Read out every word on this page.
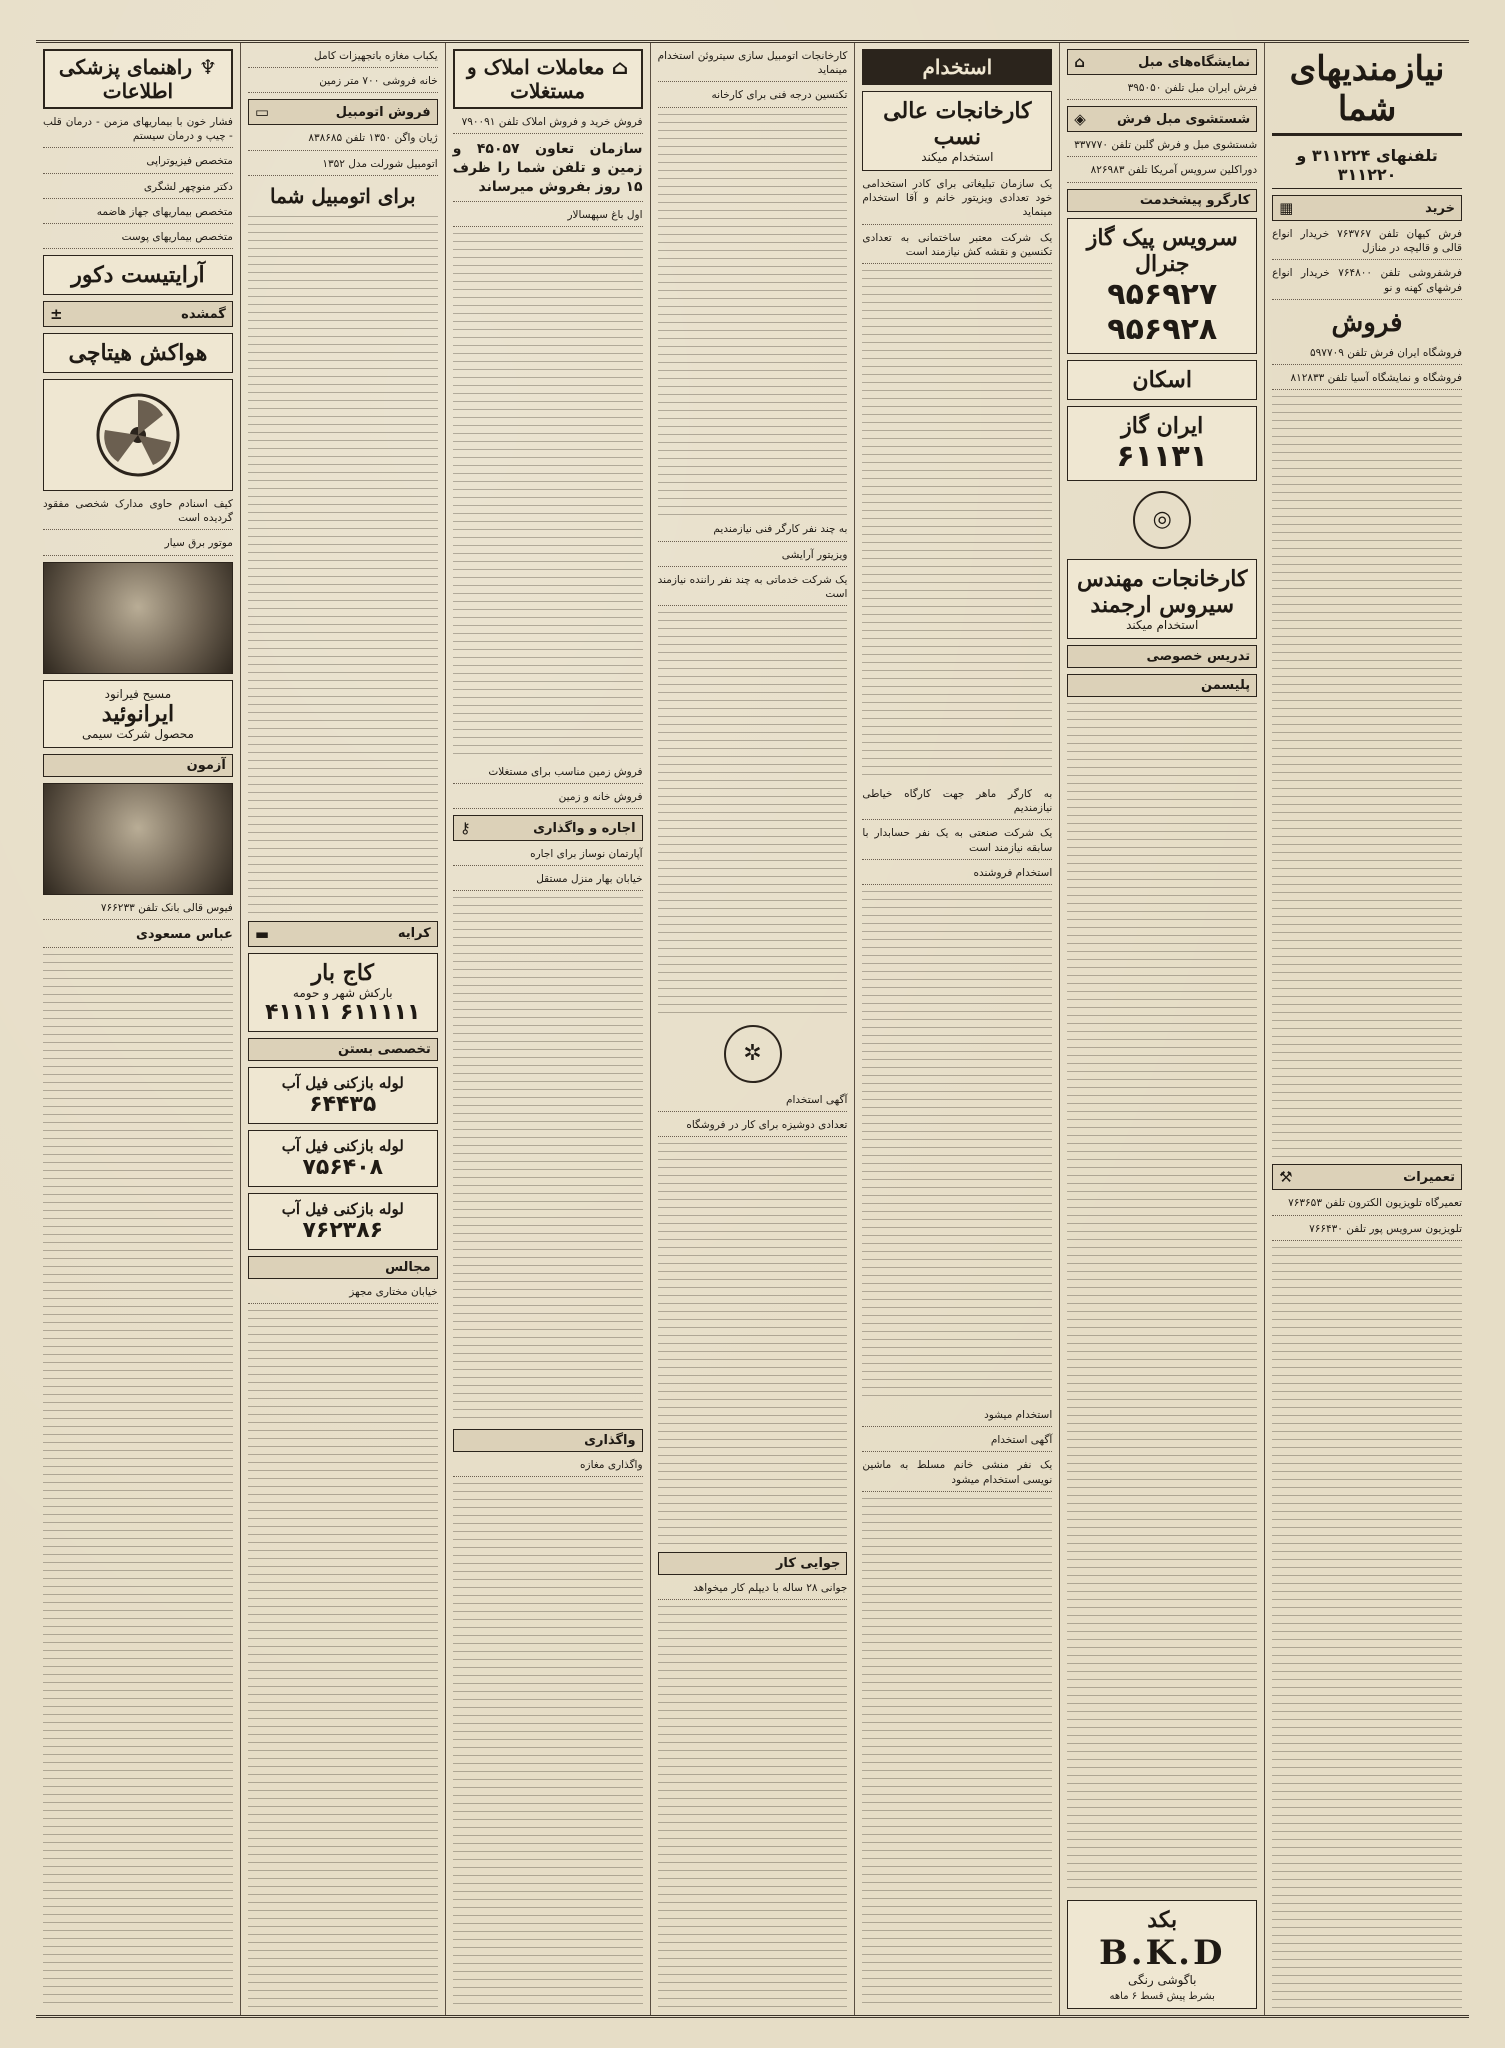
نیازمندیهای شما
تلفنهای ۳۱۱۲۲۴ و ۳۱۱۲۲۰
خرید
▦
فرش کیهان تلفن ۷۶۳۷۶۷ خریدار انواع قالی و قالیچه در منازل
فرشفروشی تلفن ۷۶۴۸۰۰ خریدار انواع فرشهای کهنه و نو
فروش
فروشگاه ایران فرش تلفن ۵۹۷۷۰۹
فروشگاه و نمایشگاه آسیا تلفن ۸۱۲۸۳۳
تعمیرات
⚒
تعمیرگاه تلویزیون الکترون تلفن ۷۶۳۶۵۳
تلویزیون سرویس پور تلفن ۷۶۶۴۳۰
نمایشگاه‌های مبل
⌂
فرش ایران مبل تلفن ۳۹۵۰۵۰
شستشوی مبل فرش
◈
شستشوی مبل و فرش گلبن تلفن ۳۳۷۷۷۰
دوراکلین سرویس آمریکا تلفن ۸۲۶۹۸۳
کارگرو پیشخدمت
سرویس پیک گاز جنرال
۹۵۶۹۲۷ ۹۵۶۹۲۸
اسکان
ایران گاز
۶۱۱۳۱
◎
کارخانجات مهندس سیروس ارجمند
استخدام میکند
تدریس خصوصی
پلیسمن
بکد
B.K.D
باگوشی رنگی
بشرط پیش قسط ۶ ماهه
استخدام
کارخانجات عالی نسب
استخدام میکند
یک سازمان تبلیغاتی برای کادر استخدامی خود تعدادی ویزیتور خانم و آقا استخدام مینماید
یک شرکت معتبر ساختمانی به تعدادی تکنسین و نقشه کش نیازمند است
به کارگر ماهر جهت کارگاه خیاطی نیازمندیم
یک شرکت صنعتی به یک نفر حسابدار با سابقه نیازمند است
استخدام فروشنده
استخدام میشود
آگهی استخدام
یک نفر منشی خانم مسلط به ماشین نویسی استخدام میشود
کارخانجات اتومبیل سازی سیتروئن استخدام مینماید
تکنسین درجه فنی برای کارخانه
به چند نفر کارگر فنی نیازمندیم
ویزیتور آرایشی
یک شرکت خدماتی به چند نفر راننده نیازمند است
✲
آگهی استخدام
تعدادی دوشیزه برای کار در فروشگاه
جوایی کار
جوانی ۲۸ ساله با دیپلم کار میخواهد
⌂ معاملات املاک و مستغلات
فروش خرید و فروش املاک تلفن ۷۹۰۰۹۱
سازمان تعاون ۴۵۰۵۷ و زمین و تلفن شما را ظرف ۱۵ روز بفروش میرساند
اول باغ سپهسالار
فروش زمین مناسب برای مستغلات
فروش خانه و زمین
اجاره و واگذاری
⚷
آپارتمان نوساز برای اجاره
خیابان بهار منزل مستقل
واگذاری
واگذاری مغازه
یکباب مغازه باتجهیزات کامل
خانه فروشی ۷۰۰ متر زمین
فروش اتومبیل
▭
ژیان واگن ۱۳۵۰ تلفن ۸۳۸۶۸۵
اتومبیل شورلت مدل ۱۳۵۲
برای اتومبیل شما
کرایه
▬
کاج بار
بارکش شهر و حومه
۴۱۱۱۱ ۶۱۱۱۱۱
تخصصی بستن
لوله بازکنی فیل آب
۶۴۴۳۵
لوله بازکنی فیل آب
۷۵۶۴۰۸
لوله بازکنی فیل آب
۷۶۲۳۸۶
مجالس
خیابان مختاری مجهز
♆ راهنمای پزشکی اطلاعات
فشار خون با بیماریهای مزمن - درمان قلب - چیپ و درمان سیستم
متخصص فیزیوتراپی
دکتر منوچهر لشگری
متخصص بیماریهای جهاز هاضمه
متخصص بیماریهای پوست
آرایتیست دکور
گمشده
±
هواکش هیتاچی
کیف اسنادم حاوی مدارک شخصی مفقود گردیده است
موتور برق سیار
مسیح فیرانود
ایرانوئید
محصول شرکت سیمی
آزمون
فیوس قالی بانک تلفن ۷۶۶۲۳۳
عباس مسعودی
